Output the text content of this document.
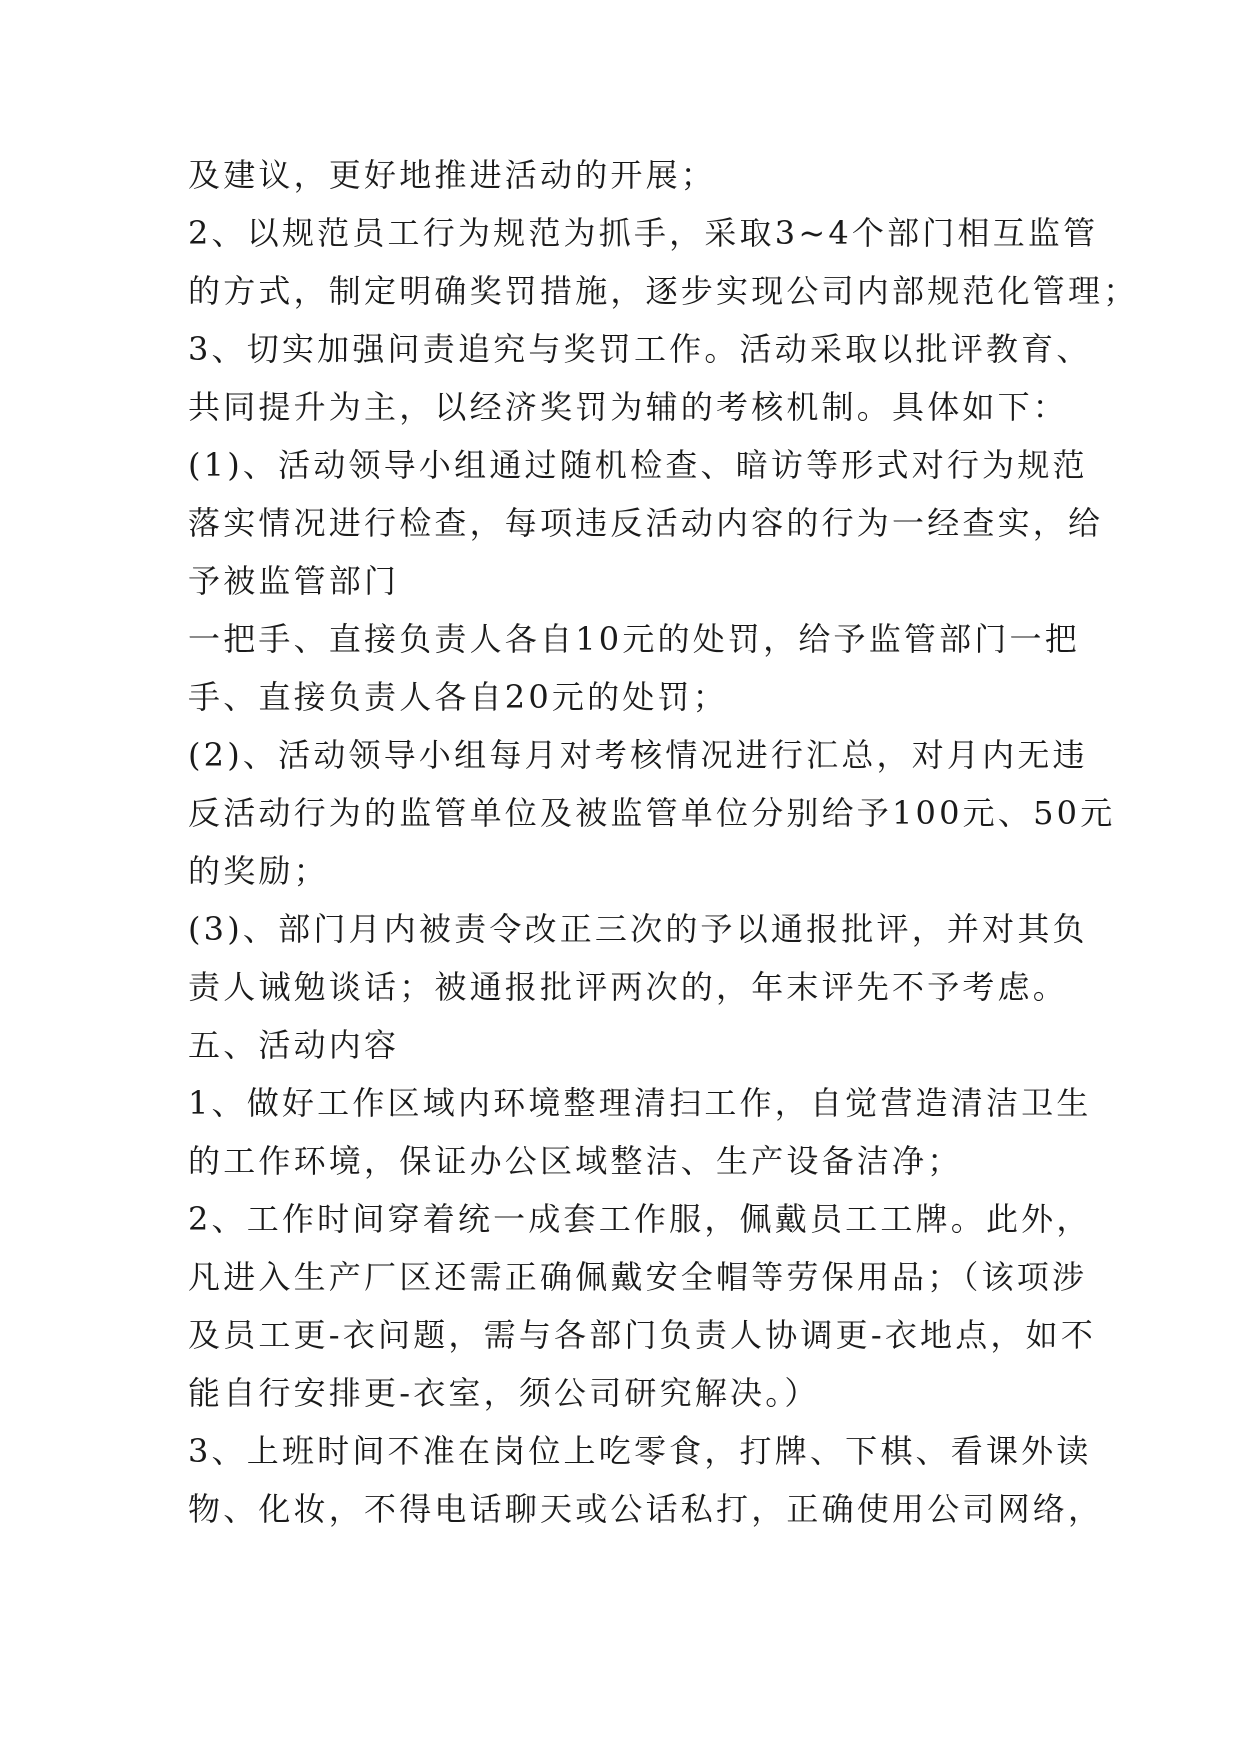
及建议，更好地推进活动的开展；
2、以规范员工行为规范为抓手，采取3~4个部门相互监管
的方式，制定明确奖罚措施，逐步实现公司内部规范化管理；
3、切实加强问责追究与奖罚工作。活动采取以批评教育、
共同提升为主，以经济奖罚为辅的考核机制。具体如下：
(1)、活动领导小组通过随机检查、暗访等形式对行为规范
落实情况进行检查，每项违反活动内容的行为一经查实，给
予被监管部门
一把手、直接负责人各自10元的处罚，给予监管部门一把
手、直接负责人各自20元的处罚；
(2)、活动领导小组每月对考核情况进行汇总，对月内无违
反活动行为的监管单位及被监管单位分别给予100元、50元
的奖励；
(3)、部门月内被责令改正三次的予以通报批评，并对其负
责人诫勉谈话；被通报批评两次的，年末评先不予考虑。
五、活动内容
1、做好工作区域内环境整理清扫工作，自觉营造清洁卫生
的工作环境，保证办公区域整洁、生产设备洁净；
2、工作时间穿着统一成套工作服，佩戴员工工牌。此外，
凡进入生产厂区还需正确佩戴安全帽等劳保用品；（该项涉
及员工更-衣问题，需与各部门负责人协调更-衣地点，如不
能自行安排更-衣室，须公司研究解决。）
3、上班时间不准在岗位上吃零食，打牌、下棋、看课外读
物、化妆，不得电话聊天或公话私打，正确使用公司网络，
